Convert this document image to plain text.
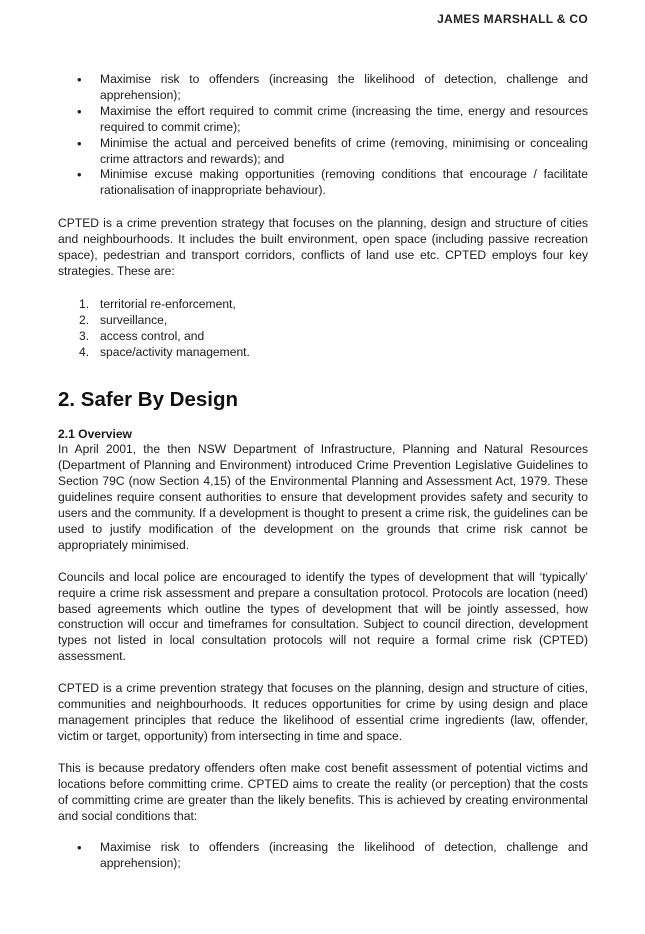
JAMES MARSHALL & CO
• Maximise risk to offenders (increasing the likelihood of detection, challenge and apprehension);
• Maximise the effort required to commit crime (increasing the time, energy and resources required to commit crime);
• Minimise the actual and perceived benefits of crime (removing, minimising or concealing crime attractors and rewards); and
• Minimise excuse making opportunities (removing conditions that encourage / facilitate rationalisation of inappropriate behaviour).

CPTED is a crime prevention strategy that focuses on the planning, design and structure of cities and neighbourhoods. It includes the built environment, open space (including passive recreation space), pedestrian and transport corridors, conflicts of land use etc. CPTED employs four key strategies. These are:

1. territorial re-enforcement,
2. surveillance,
3. access control, and
4. space/activity management.
2. Safer By Design
2.1 Overview

In April 2001, the then NSW Department of Infrastructure, Planning and Natural Resources (Department of Planning and Environment) introduced Crime Prevention Legislative Guidelines to Section 79C (now Section 4,15) of the Environmental Planning and Assessment Act, 1979. These guidelines require consent authorities to ensure that development provides safety and security to users and the community. If a development is thought to present a crime risk, the guidelines can be used to justify modification of the development on the grounds that crime risk cannot be appropriately minimised.

Councils and local police are encouraged to identify the types of development that will ‘typically’ require a crime risk assessment and prepare a consultation protocol. Protocols are location (need) based agreements which outline the types of development that will be jointly assessed, how construction will occur and timeframes for consultation. Subject to council direction, development types not listed in local consultation protocols will not require a formal crime risk (CPTED) assessment.

CPTED is a crime prevention strategy that focuses on the planning, design and structure of cities, communities and neighbourhoods. It reduces opportunities for crime by using design and place management principles that reduce the likelihood of essential crime ingredients (law, offender, victim or target, opportunity) from intersecting in time and space.

This is because predatory offenders often make cost benefit assessment of potential victims and locations before committing crime. CPTED aims to create the reality (or perception) that the costs of committing crime are greater than the likely benefits. This is achieved by creating environmental and social conditions that:

• Maximise risk to offenders (increasing the likelihood of detection, challenge and apprehension);
